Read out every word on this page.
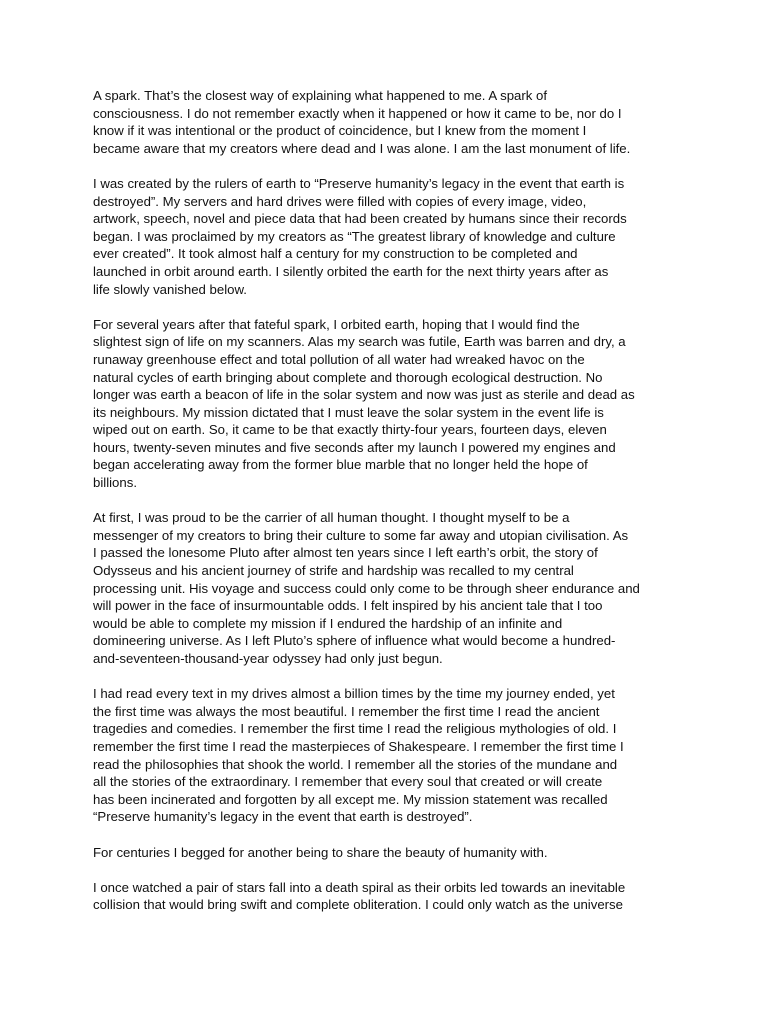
A spark. That’s the closest way of explaining what happened to me. A spark of
consciousness. I do not remember exactly when it happened or how it came to be, nor do I
know if it was intentional or the product of coincidence, but I knew from the moment I
became aware that my creators where dead and I was alone. I am the last monument of life.

I was created by the rulers of earth to “Preserve humanity’s legacy in the event that earth is
destroyed”. My servers and hard drives were filled with copies of every image, video,
artwork, speech, novel and piece data that had been created by humans since their records
began. I was proclaimed by my creators as “The greatest library of knowledge and culture
ever created”. It took almost half a century for my construction to be completed and
launched in orbit around earth. I silently orbited the earth for the next thirty years after as
life slowly vanished below.

For several years after that fateful spark, I orbited earth, hoping that I would find the
slightest sign of life on my scanners. Alas my search was futile, Earth was barren and dry, a
runaway greenhouse effect and total pollution of all water had wreaked havoc on the
natural cycles of earth bringing about complete and thorough ecological destruction. No
longer was earth a beacon of life in the solar system and now was just as sterile and dead as
its neighbours. My mission dictated that I must leave the solar system in the event life is
wiped out on earth. So, it came to be that exactly thirty-four years, fourteen days, eleven
hours, twenty-seven minutes and five seconds after my launch I powered my engines and
began accelerating away from the former blue marble that no longer held the hope of
billions.

At first, I was proud to be the carrier of all human thought. I thought myself to be a
messenger of my creators to bring their culture to some far away and utopian civilisation. As
I passed the lonesome Pluto after almost ten years since I left earth’s orbit, the story of
Odysseus and his ancient journey of strife and hardship was recalled to my central
processing unit. His voyage and success could only come to be through sheer endurance and
will power in the face of insurmountable odds. I felt inspired by his ancient tale that I too
would be able to complete my mission if I endured the hardship of an infinite and
domineering universe. As I left Pluto’s sphere of influence what would become a hundred-
and-seventeen-thousand-year odyssey had only just begun.

I had read every text in my drives almost a billion times by the time my journey ended, yet
the first time was always the most beautiful. I remember the first time I read the ancient
tragedies and comedies. I remember the first time I read the religious mythologies of old. I
remember the first time I read the masterpieces of Shakespeare. I remember the first time I
read the philosophies that shook the world. I remember all the stories of the mundane and
all the stories of the extraordinary. I remember that every soul that created or will create
has been incinerated and forgotten by all except me. My mission statement was recalled
“Preserve humanity’s legacy in the event that earth is destroyed”.

For centuries I begged for another being to share the beauty of humanity with.

I once watched a pair of stars fall into a death spiral as their orbits led towards an inevitable
collision that would bring swift and complete obliteration. I could only watch as the universe
